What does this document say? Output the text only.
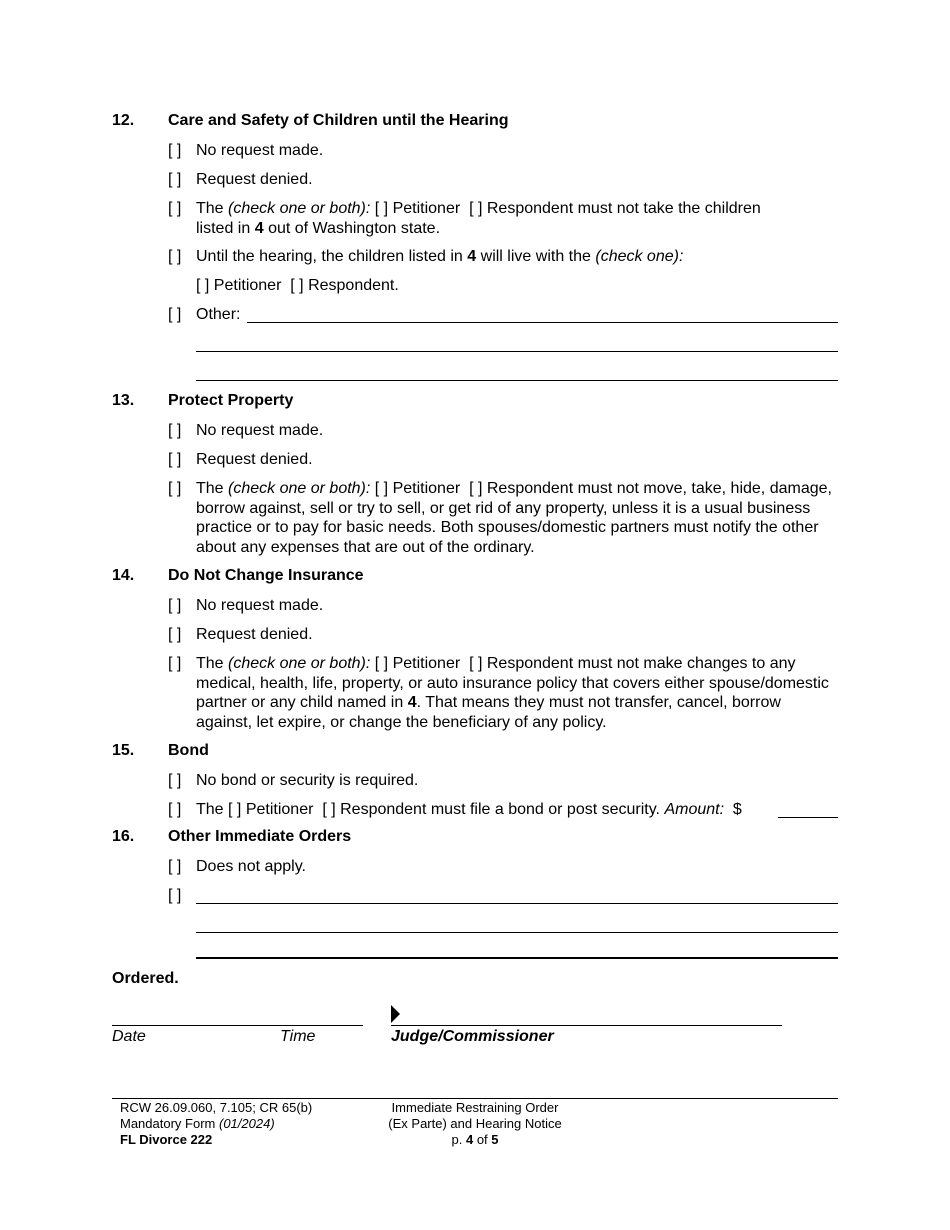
12. Care and Safety of Children until the Hearing
[ ] No request made.
[ ] Request denied.
[ ] The (check one or both): [ ] Petitioner [ ] Respondent must not take the children
listed in 4 out of Washington state.
[ ] Until the hearing, the children listed in 4 will live with the (check one):
[ ] Petitioner [ ] Respondent.
[ ] Other:
13. Protect Property
[ ] No request made.
[ ] Request denied.
[ ] The (check one or both): [ ] Petitioner [ ] Respondent must not move, take, hide, damage, borrow against, sell or try to sell, or get rid of any property, unless it is a usual business practice or to pay for basic needs. Both spouses/domestic partners must notify the other about any expenses that are out of the ordinary.
14. Do Not Change Insurance
[ ] No request made.
[ ] Request denied.
[ ] The (check one or both): [ ] Petitioner [ ] Respondent must not make changes to any medical, health, life, property, or auto insurance policy that covers either spouse/domestic partner or any child named in 4. That means they must not transfer, cancel, borrow against, let expire, or change the beneficiary of any policy.
15. Bond
[ ] No bond or security is required.
[ ] The [ ] Petitioner [ ] Respondent must file a bond or post security. Amount: $
16. Other Immediate Orders
[ ] Does not apply.
[ ]
Ordered.
Date	Time	Judge/Commissioner
RCW 26.09.060, 7.105; CR 65(b)
Mandatory Form (01/2024)
FL Divorce 222
Immediate Restraining Order
(Ex Parte) and Hearing Notice
p. 4 of 5
